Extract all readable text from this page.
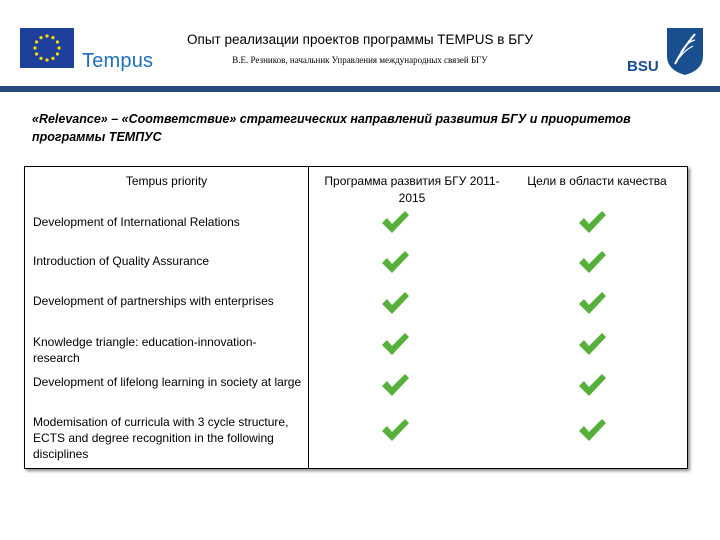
Tempus
Опыт реализации проектов программы TEMPUS в БГУ
В.Е. Резников, начальник Управления международных связей БГУ	BSU
«Relevance» – «Соответствие» стратегических направлений развития БГУ и приоритетов программы ТЕМПУС
Tempus priority	Программа развития БГУ 2011-2015
Цели в области качества
Development of International Relations
Introduction of Quality Assurance
Development of partnerships with enterprises
Knowledge triangle: education-innovation-research
Development of lifelong learning in society at large
Modemisation of curricula with 3 cycle structure, ECTS and degree recognition in the following disciplines
